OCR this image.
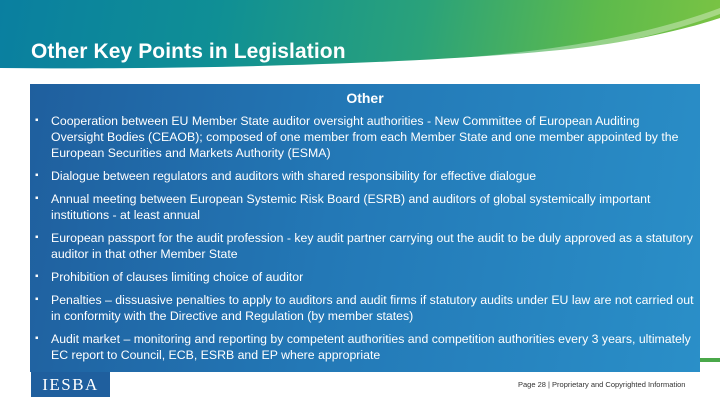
Other Key Points in Legislation
Other
▪ Cooperation between EU Member State auditor oversight authorities - New Committee of European Auditing Oversight Bodies (CEAOB); composed of one member from each Member State and one member appointed by the European Securities and Markets Authority (ESMA)
▪ Dialogue between regulators and auditors with shared responsibility for effective dialogue
▪ Annual meeting between European Systemic Risk Board (ESRB) and auditors of global systemically important institutions - at least annual
▪ European passport for the audit profession - key audit partner carrying out the audit to be duly approved as a statutory auditor in that other Member State
▪ Prohibition of clauses limiting choice of auditor
▪ Penalties – dissuasive penalties to apply to auditors and audit firms if statutory audits under EU law are not carried out in conformity with the Directive and Regulation (by member states)
▪ Audit market – monitoring and reporting by competent authorities and competition authorities every 3 years, ultimately EC report to Council, ECB, ESRB and EP where appropriate
IESBA	Page 28 | Proprietary and Copyrighted Information
